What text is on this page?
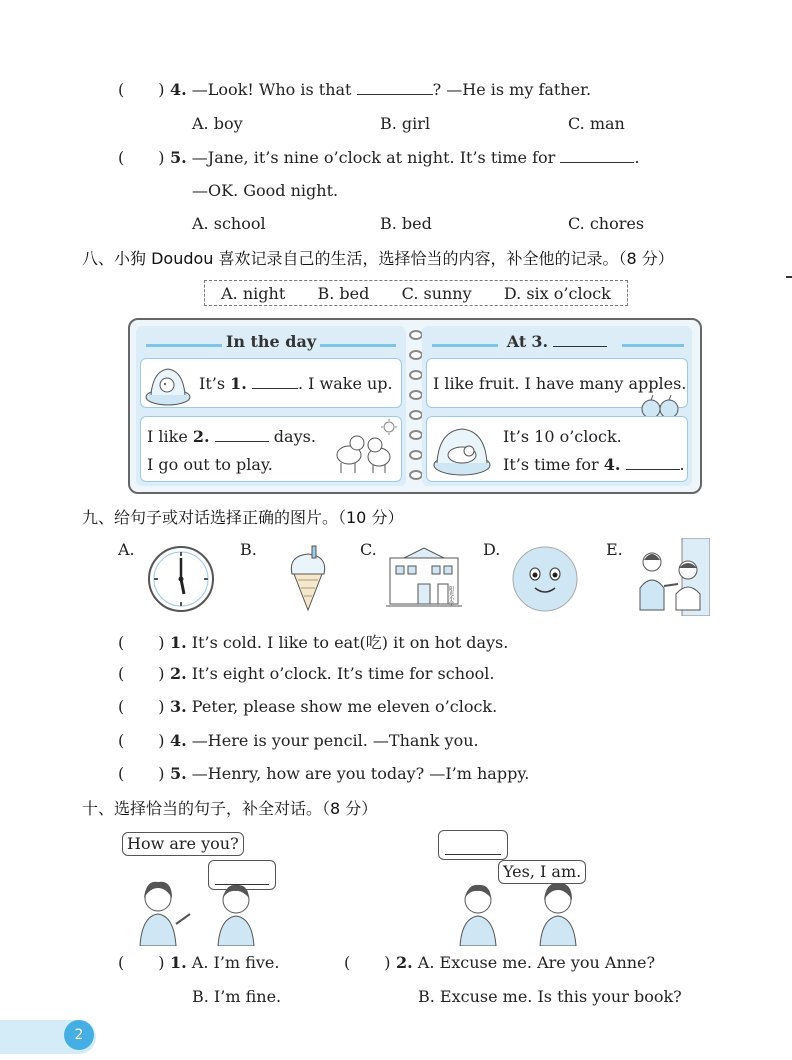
( ) 4. —Look! Who is that	? —He is my father.
A. boy	B. girl	C. man
( ) 5. —Jane, it’s nine o’clock at night. It’s time for	.
—OK. Good night.
A. school	B. bed	C. chores
八、小狗 Doudou 喜欢记录自己的生活，选择恰当的内容，补全他的记录。（8 分）
A. night B. bed C. sunny D. six o’clock
In the day
It’s 1.	. I wake up.
I like 2.	days.
I go out to play.
At 3.
I like fruit. I have many apples.
It’s 10 o’clock.
It’s time for 4.	.
九、给句子或对话选择正确的图片。（10 分）
A.	B.	C.
阳光小学
D.	E.
( ) 1. It’s cold. I like to eat(吃) it on hot days.
( ) 2. It’s eight o’clock. It’s time for school.
( ) 3. Peter, please show me eleven o’clock.
( ) 4. —Here is your pencil. —Thank you.
( ) 5. —Henry, how are you today? —I’m happy.
十、选择恰当的句子，补全对话。（8 分）
How are you?
Yes, I am.
( ) 1. A. I’m five.
B. I’m fine.
( ) 2. A. Excuse me. Are you Anne?
B. Excuse me. Is this your book?
2
